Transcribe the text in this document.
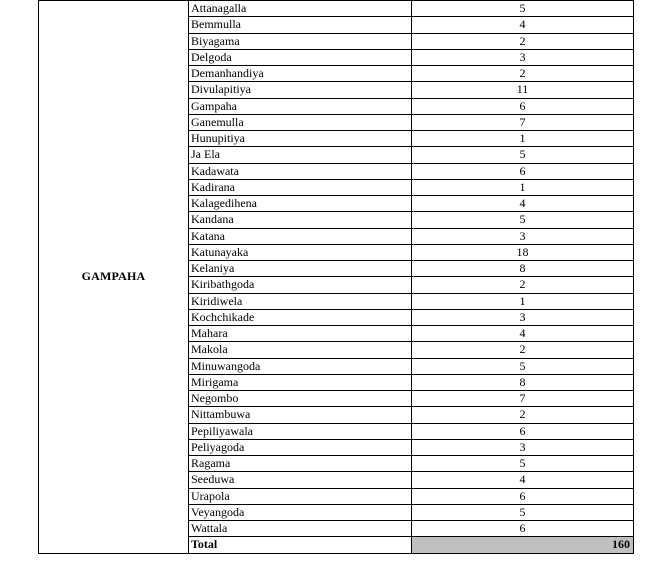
GAMPAHA	Attanagalla	5
	Bemmulla	4
	Biyagama	2
	Delgoda	3
	Demanhandiya	2
	Divulapitiya	11
	Gampaha	6
	Ganemulla	7
	Hunupitiya	1
	Ja Ela	5
	Kadawata	6
	Kadirana	1
	Kalagedihena	4
	Kandana	5
	Katana	3
	Katunayaka	18
	Kelaniya	8
	Kiribathgoda	2
	Kiridiwela	1
	Kochchikade	3
	Mahara	4
	Makola	2
	Minuwangoda	5
	Mirigama	8
	Negombo	7
	Nittambuwa	2
	Pepiliyawala	6
	Peliyagoda	3
	Ragama	5
	Seeduwa	4
	Urapola	6
	Veyangoda	5
	Wattala	6
	Total	160
